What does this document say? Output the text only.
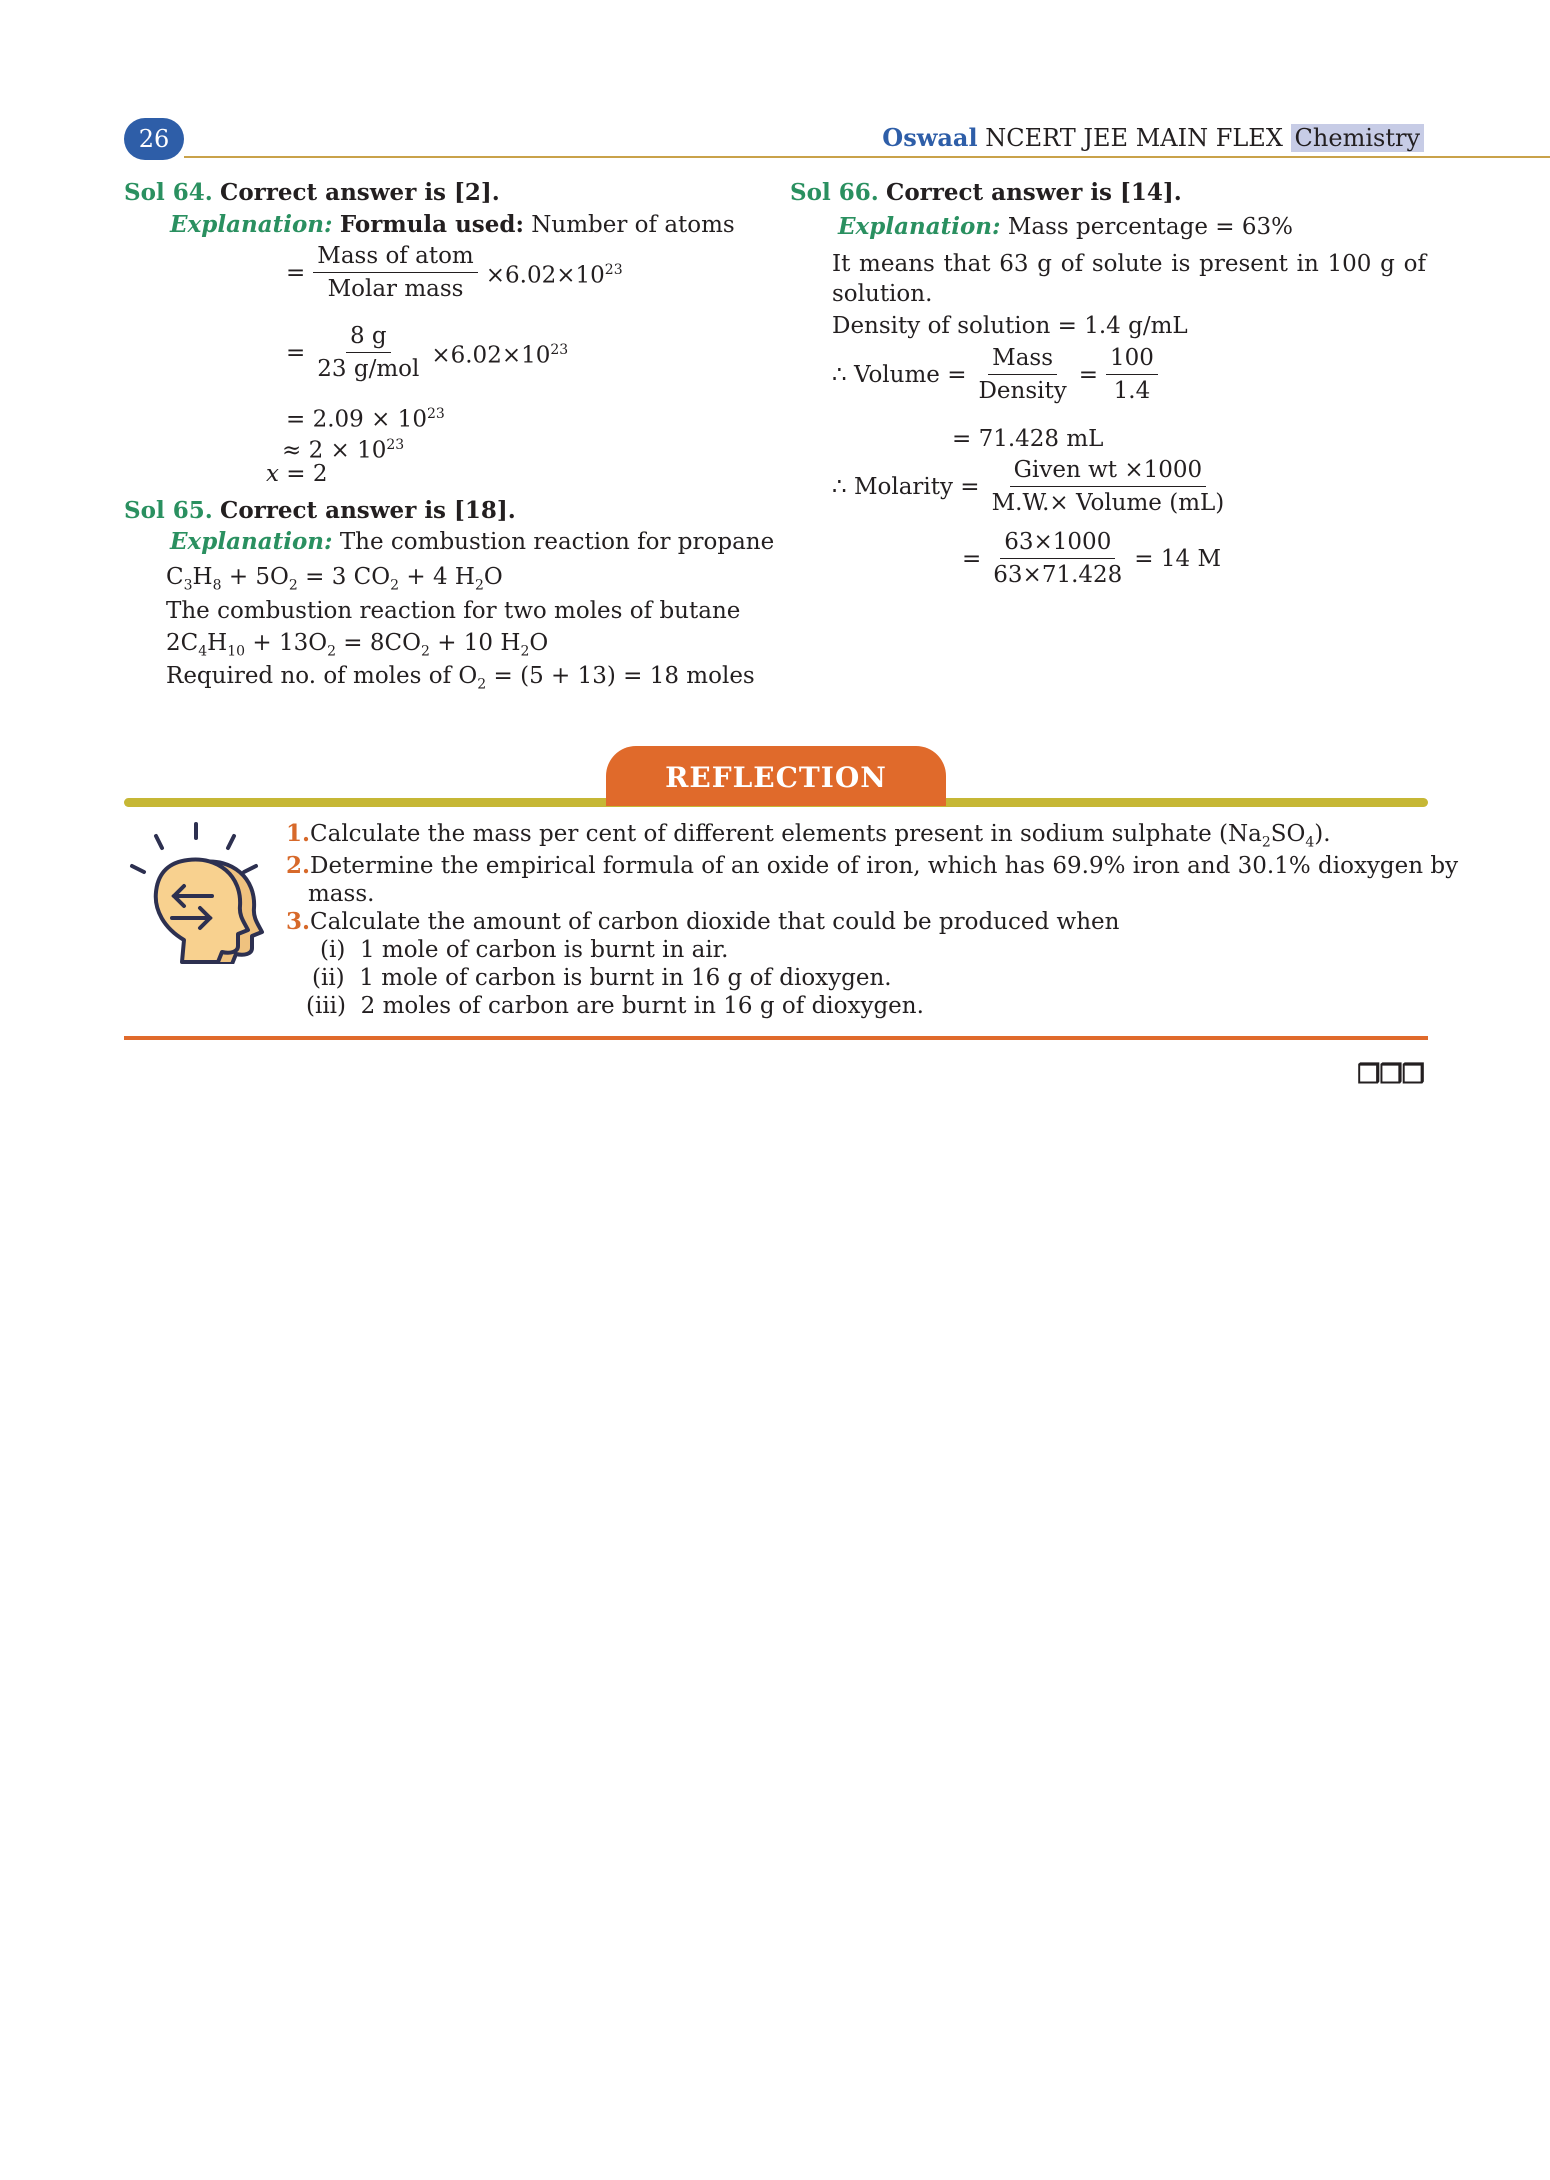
26	Oswaal NCERT JEE MAIN FLEX Chemistry
Sol 64. Correct answer is [2].
Explanation: Formula used: Number of atoms
= $\frac{\text{Mass of atom}}{\text{Molar mass}} \times 6.02\times 10^{23}$
= $\frac{8 g}{\text{23 g/mol}} \times 6.02\times 10^{23}$
= $2.09 \times 10^{23}$
≈ $2 \times 10^{23}$
x = 2
Sol 65. Correct answer is [18].
Explanation: The combustion reaction for propane
$C_3H_8 + 5O_2 = 3$ $CO_2 + 4$ $H_2O$
The combustion reaction for two moles of butane
$2C_4H_{10} + 13O_2 = 8CO_2 + 10$ $H_2O$
Required no. of moles of $O_2 = (5 + 13) = 18$ moles
Sol 66. Correct answer is [14].
Explanation: Mass percentage = 63%
It means that 63 g of solute is present in 100 g of
solution.
Density of solution = 1.4 g/mL
∴ Volume = $\frac{\text{Mass}}{\text{Density}} = \frac{100}{1.4}$
= 71.428 mL
∴ Molarity = $\frac{\text{Given wt ×1000}}{\text{M.W.× Volume (mL)}}$
= $\frac{63\times 1000}{63\times 71.428} = 14$ M
REFLECTION
1.Calculate the mass per cent of different elements present in sodium sulphate $(Na_2SO_4)$.
2.Determine the empirical formula of an oxide of iron, which has 69.9% iron and 30.1% dioxygen by
mass.
3.Calculate the amount of carbon dioxide that could be produced when
(i) 1 mole of carbon is burnt in air.
(ii) 1 mole of carbon is burnt in 16 g of dioxygen.
(iii) 2 moles of carbon are burnt in 16 g of dioxygen.
❒❒❒
